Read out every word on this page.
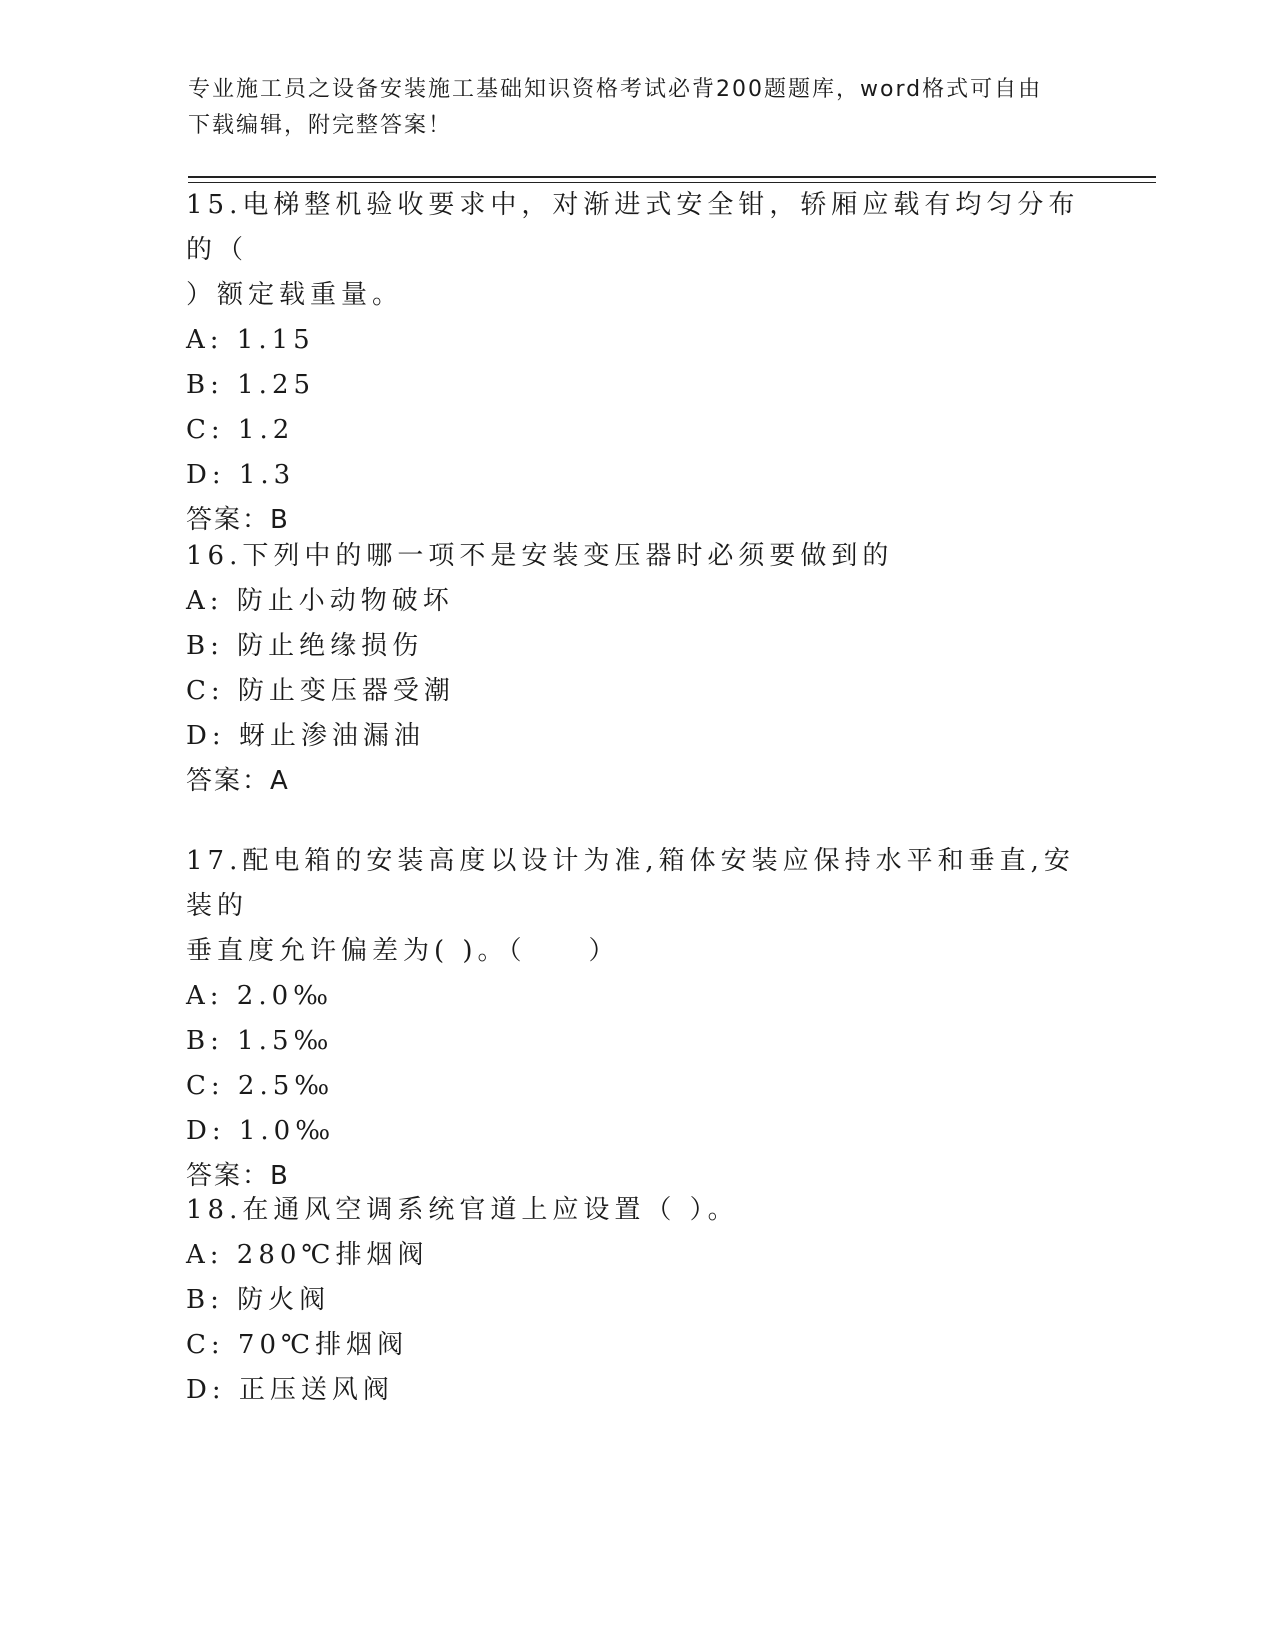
专业施工员之设备安装施工基础知识资格考试必背200题题库，word格式可自由
下载编辑，附完整答案！
15.电梯整机验收要求中，对渐进式安全钳，轿厢应载有均匀分布的（
）额定载重量。
A: 1.15
B: 1.25
C: 1.2
D: 1.3
答案：B
16.下列中的哪一项不是安装变压器时必须要做到的
A: 防止小动物破坏
B: 防止绝缘损伤
C: 防止变压器受潮
D: 蚜止渗油漏油
答案：A
17.配电箱的安装高度以设计为准,箱体安装应保持水平和垂直,安装的
垂直度允许偏差为( )。（　　）
A: 2.0‰
B: 1.5‰
C: 2.5‰
D: 1.0‰
答案：B
18.在通风空调系统官道上应设置（ ）。
A: 280℃排烟阀
B: 防火阀
C: 70℃排烟阀
D: 正压送风阀
